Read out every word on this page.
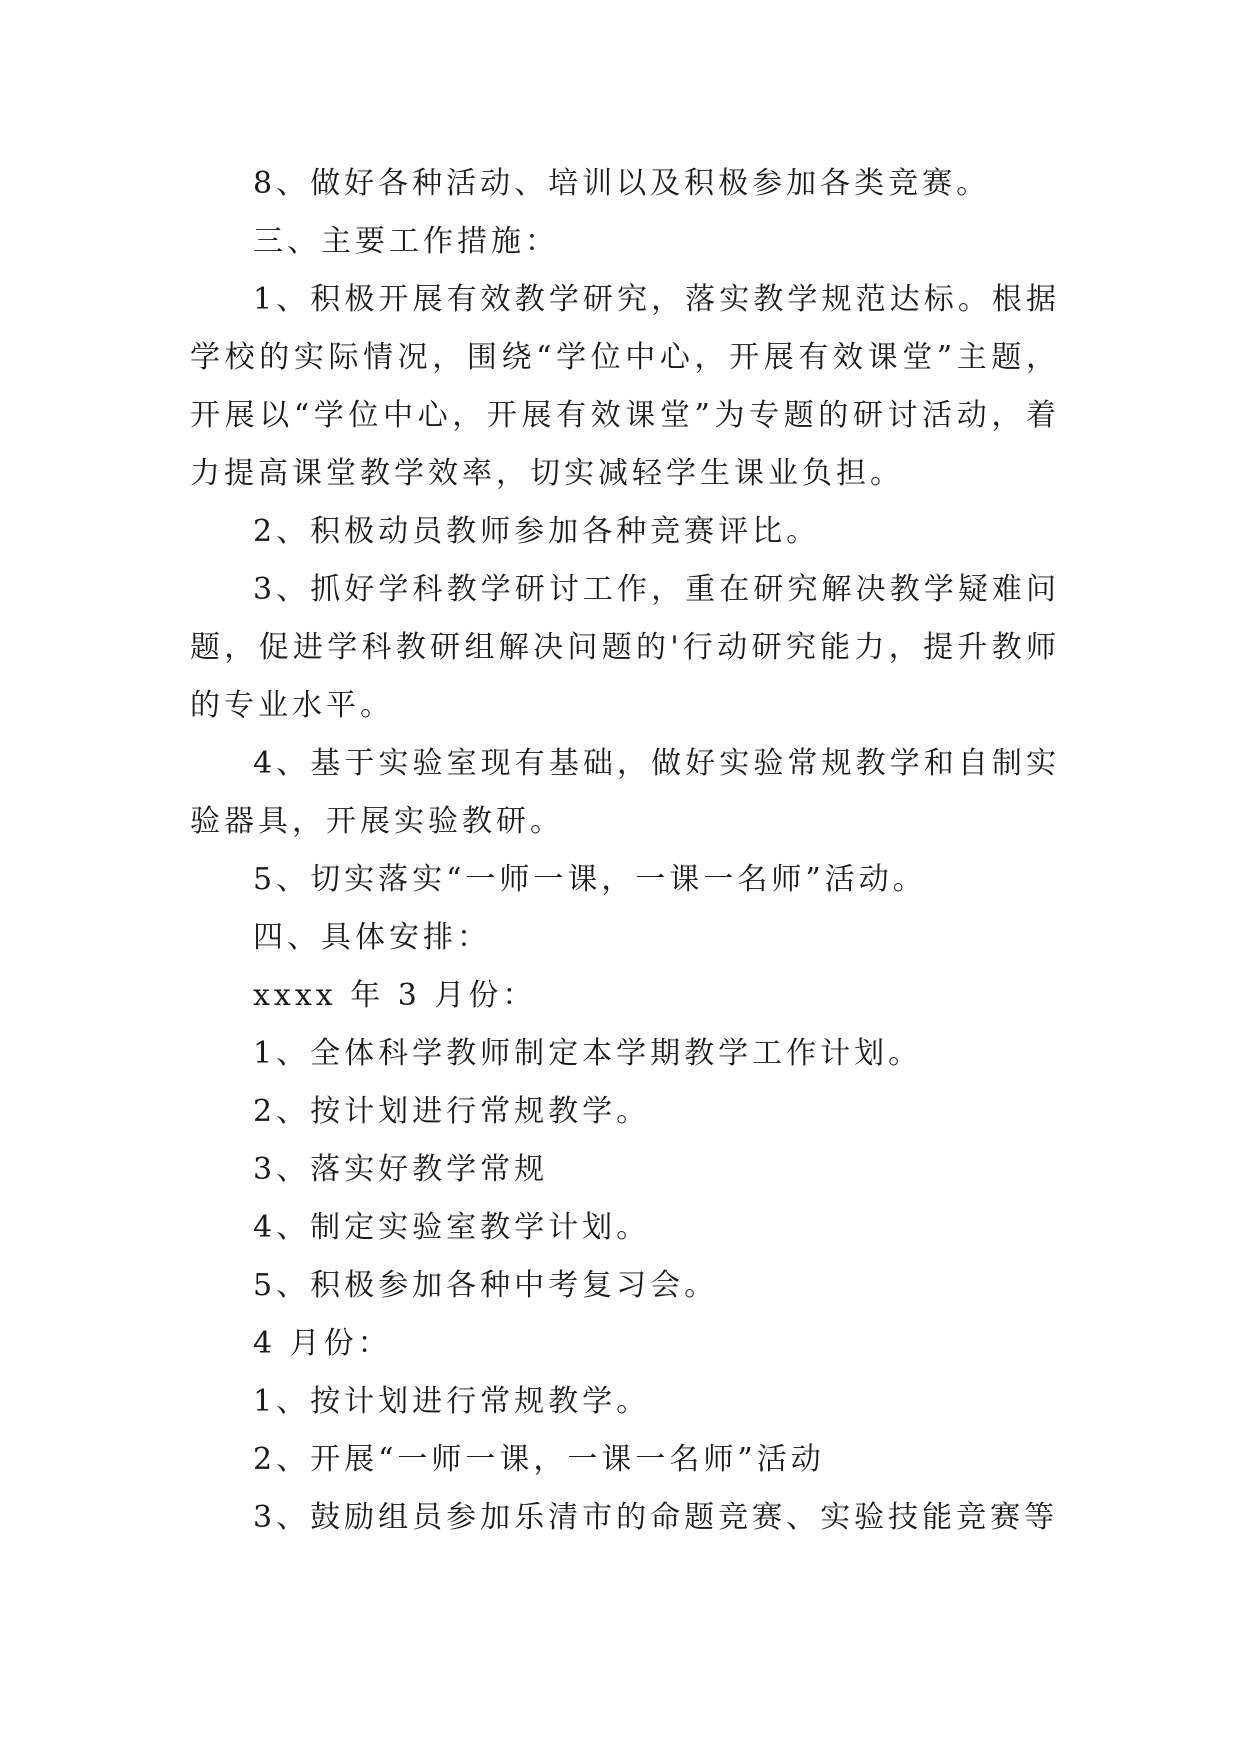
8、做好各种活动、培训以及积极参加各类竞赛。

三、主要工作措施：

1、积极开展有效教学研究，落实教学规范达标。根据学校的实际情况，围绕“学位中心，开展有效课堂”主题，开展以“学位中心，开展有效课堂”为专题的研讨活动，着力提高课堂教学效率，切实减轻学生课业负担。

2、积极动员教师参加各种竞赛评比。

3、抓好学科教学研讨工作，重在研究解决教学疑难问题，促进学科教研组解决问题的'行动研究能力，提升教师的专业水平。

4、基于实验室现有基础，做好实验常规教学和自制实验器具，开展实验教研。

5、切实落实“一师一课，一课一名师”活动。

四、具体安排：

xxxx 年 3 月份：

1、全体科学教师制定本学期教学工作计划。

2、按计划进行常规教学。

3、落实好教学常规

4、制定实验室教学计划。

5、积极参加各种中考复习会。

4 月份：

1、按计划进行常规教学。

2、开展“一师一课，一课一名师”活动

3、鼓励组员参加乐清市的命题竞赛、实验技能竞赛等
